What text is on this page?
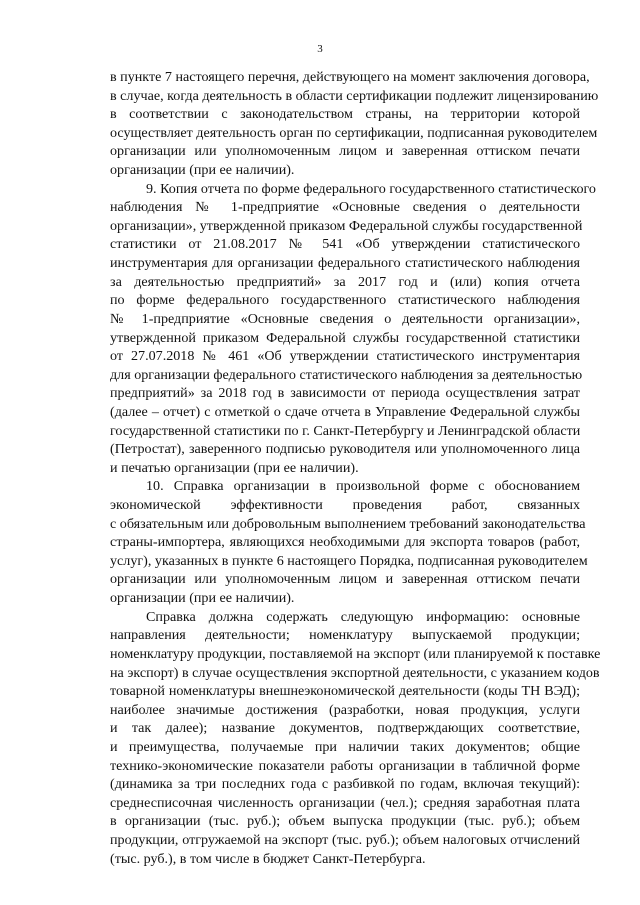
3
в пункте 7 настоящего перечня, действующего на момент заключения договора,
в случае, когда деятельность в области сертификации подлежит лицензированию
в соответствии с законодательством страны, на территории которой
осуществляет деятельность орган по сертификации, подписанная руководителем
организации или уполномоченным лицом и заверенная оттиском печати
организации (при ее наличии).
9. Копия отчета по форме федерального государственного статистического
наблюдения № 1-предприятие «Основные сведения о деятельности
организации», утвержденной приказом Федеральной службы государственной
статистики от 21.08.2017 № 541 «Об утверждении статистического
инструментария для организации федерального статистического наблюдения
за деятельностью предприятий» за 2017 год и (или) копия отчета
по форме федерального государственного статистического наблюдения
№ 1-предприятие «Основные сведения о деятельности организации»,
утвержденной приказом Федеральной службы государственной статистики
от 27.07.2018 № 461 «Об утверждении статистического инструментария
для организации федерального статистического наблюдения за деятельностью
предприятий» за 2018 год в зависимости от периода осуществления затрат
(далее – отчет) с отметкой о сдаче отчета в Управление Федеральной службы
государственной статистики по г. Санкт-Петербургу и Ленинградской области
(Петростат), заверенного подписью руководителя или уполномоченного лица
и печатью организации (при ее наличии).
10. Справка организации в произвольной форме с обоснованием
экономической эффективности проведения работ, связанных
с обязательным или добровольным выполнением требований законодательства
страны-импортера, являющихся необходимыми для экспорта товаров (работ,
услуг), указанных в пункте 6 настоящего Порядка, подписанная руководителем
организации или уполномоченным лицом и заверенная оттиском печати
организации (при ее наличии).
Справка должна содержать следующую информацию: основные
направления деятельности; номенклатуру выпускаемой продукции;
номенклатуру продукции, поставляемой на экспорт (или планируемой к поставке
на экспорт) в случае осуществления экспортной деятельности, с указанием кодов
товарной номенклатуры внешнеэкономической деятельности (коды ТН ВЭД);
наиболее значимые достижения (разработки, новая продукция, услуги
и так далее); название документов, подтверждающих соответствие,
и преимущества, получаемые при наличии таких документов; общие
технико-экономические показатели работы организации в табличной форме
(динамика за три последних года с разбивкой по годам, включая текущий):
среднесписочная численность организации (чел.); средняя заработная плата
в организации (тыс. руб.); объем выпуска продукции (тыс. руб.); объем
продукции, отгружаемой на экспорт (тыс. руб.); объем налоговых отчислений
(тыс. руб.), в том числе в бюджет Санкт-Петербурга.
